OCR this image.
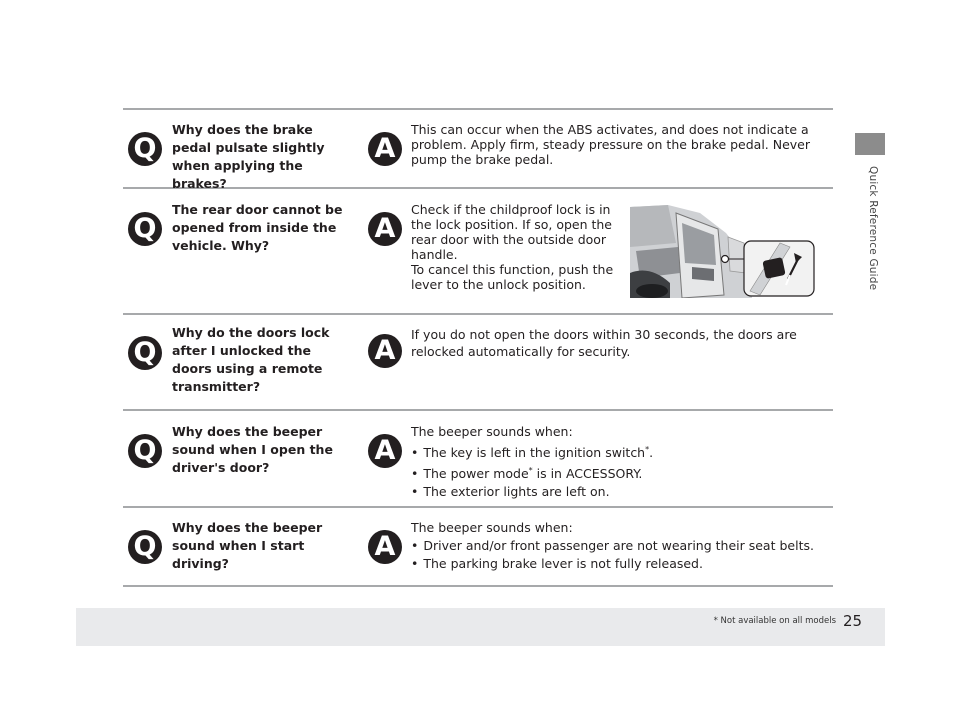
Quick Reference Guide
Q
Why does the brake pedal pulsate slightly when applying the brakes?
A
This can occur when the ABS activates, and does not indicate a problem. Apply firm, steady pressure on the brake pedal. Never pump the brake pedal.
Q
The rear door cannot be opened from inside the vehicle. Why?
A
Check if the childproof lock is in the lock position. If so, open the rear door with the outside door handle.
To cancel this function, push the lever to the unlock position.
Q
Why do the doors lock after I unlocked the doors using a remote transmitter?
A
If you do not open the doors within 30 seconds, the doors are relocked automatically for security.
Q
Why does the beeper sound when I open the driver's door?
A
The beeper sounds when:
• The key is left in the ignition switch*.
• The power mode* is in ACCESSORY.
• The exterior lights are left on.
Q
Why does the beeper sound when I start driving?
A
The beeper sounds when:
• Driver and/or front passenger are not wearing their seat belts.
• The parking brake lever is not fully released.
25
* Not available on all models
